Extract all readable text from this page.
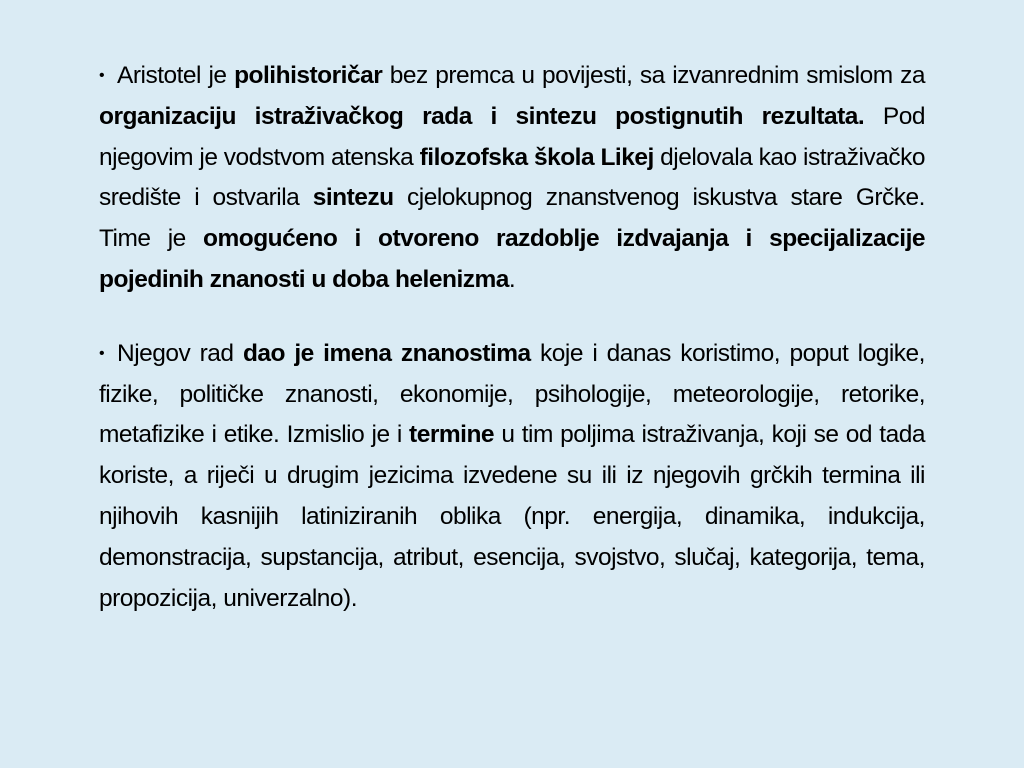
• Aristotel je polihistoričar bez premca u povijesti, sa izvanrednim smislom za organizaciju istraživačkog rada i sintezu postignutih rezultata. Pod njegovim je vodstvom atenska filozofska škola Likej djelovala kao istraživačko središte i ostvarila sintezu cjelokupnog znanstvenog iskustva stare Grčke. Time je omogućeno i otvoreno razdoblje izdvajanja i specijalizacije pojedinih znanosti u doba helenizma.

• Njegov rad dao je imena znanostima koje i danas koristimo, poput logike, fizike, političke znanosti, ekonomije, psihologije, meteorologije, retorike, metafizike i etike. Izmislio je i termine u tim poljima istraživanja, koji se od tada koriste, a riječi u drugim jezicima izvedene su ili iz njegovih grčkih termina ili njihovih kasnijih latiniziranih oblika (npr. energija, dinamika, indukcija, demonstracija, supstancija, atribut, esencija, svojstvo, slučaj, kategorija, tema, propozicija, univerzalno).
